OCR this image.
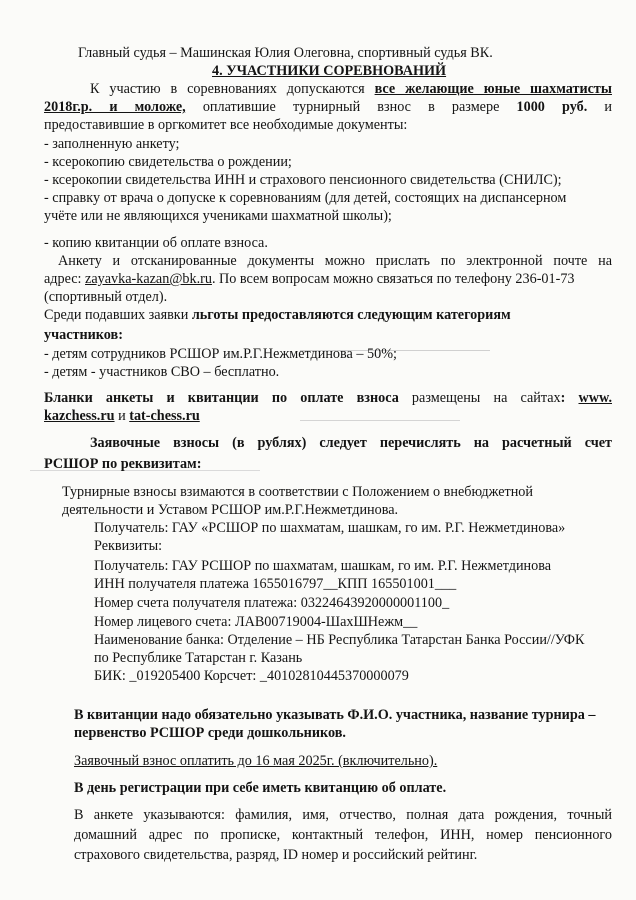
Главный судья – Машинская Юлия Олеговна, спортивный судья ВК.
4. УЧАСТНИКИ СОРЕВНОВАНИЙ
К участию в соревнованиях допускаются все желающие юные шахматисты
2018г.р. и моложе, оплатившие турнирный взнос в размере 1000 руб. и
предоставившие в оргкомитет все необходимые документы:
- заполненную анкету;
- ксерокопию свидетельства о рождении;
- ксерокопии свидетельства ИНН и страхового пенсионного свидетельства (СНИЛС);
- справку от врача о допуске к соревнованиям (для детей, состоящих на диспансерном
учёте или не являющихся учениками шахматной школы);
- копию квитанции об оплате взноса.
Анкету и отсканированные документы можно прислать по электронной почте на
адрес: zayavka-kazan@bk.ru. По всем вопросам можно связаться по телефону 236-01-73
(спортивный отдел).
Среди подавших заявки льготы предоставляются следующим категориям
участников:
- детям сотрудников РСШОР им.Р.Г.Нежметдинова – 50%;
- детям - участников СВО – бесплатно.
Бланки анкеты и квитанции по оплате взноса размещены на сайтах: www.
kazchess.ru и tat-chess.ru
Заявочные взносы (в рублях) следует перечислять на расчетный счет
РСШОР по реквизитам:
Турнирные взносы взимаются в соответствии с Положением о внебюджетной
деятельности и Уставом РСШОР им.Р.Г.Нежметдинова.
Получатель: ГАУ «РСШОР по шахматам, шашкам, го им. Р.Г. Нежметдинова»
Реквизиты:
Получатель: ГАУ РСШОР по шахматам, шашкам, го им. Р.Г. Нежметдинова
ИНН получателя платежа 1655016797__КПП 165501001___
Номер счета получателя платежа: 03224643920000001100_
Номер лицевого счета: ЛАВ00719004-ШахШНежм__
Наименование банка: Отделение – НБ Республика Татарстан Банка России//УФК
по Республике Татарстан г. Казань
БИК: _019205400 Корсчет: _40102810445370000079
В квитанции надо обязательно указывать Ф.И.О. участника, название турнира –
первенство РСШОР среди дошкольников.
Заявочный взнос оплатить до 16 мая 2025г. (включительно).
В день регистрации при себе иметь квитанцию об оплате.
В анкете указываются: фамилия, имя, отчество, полная дата рождения, точный
домашний адрес по прописке, контактный телефон, ИНН, номер пенсионного
страхового свидетельства, разряд, ID номер и российский рейтинг.
